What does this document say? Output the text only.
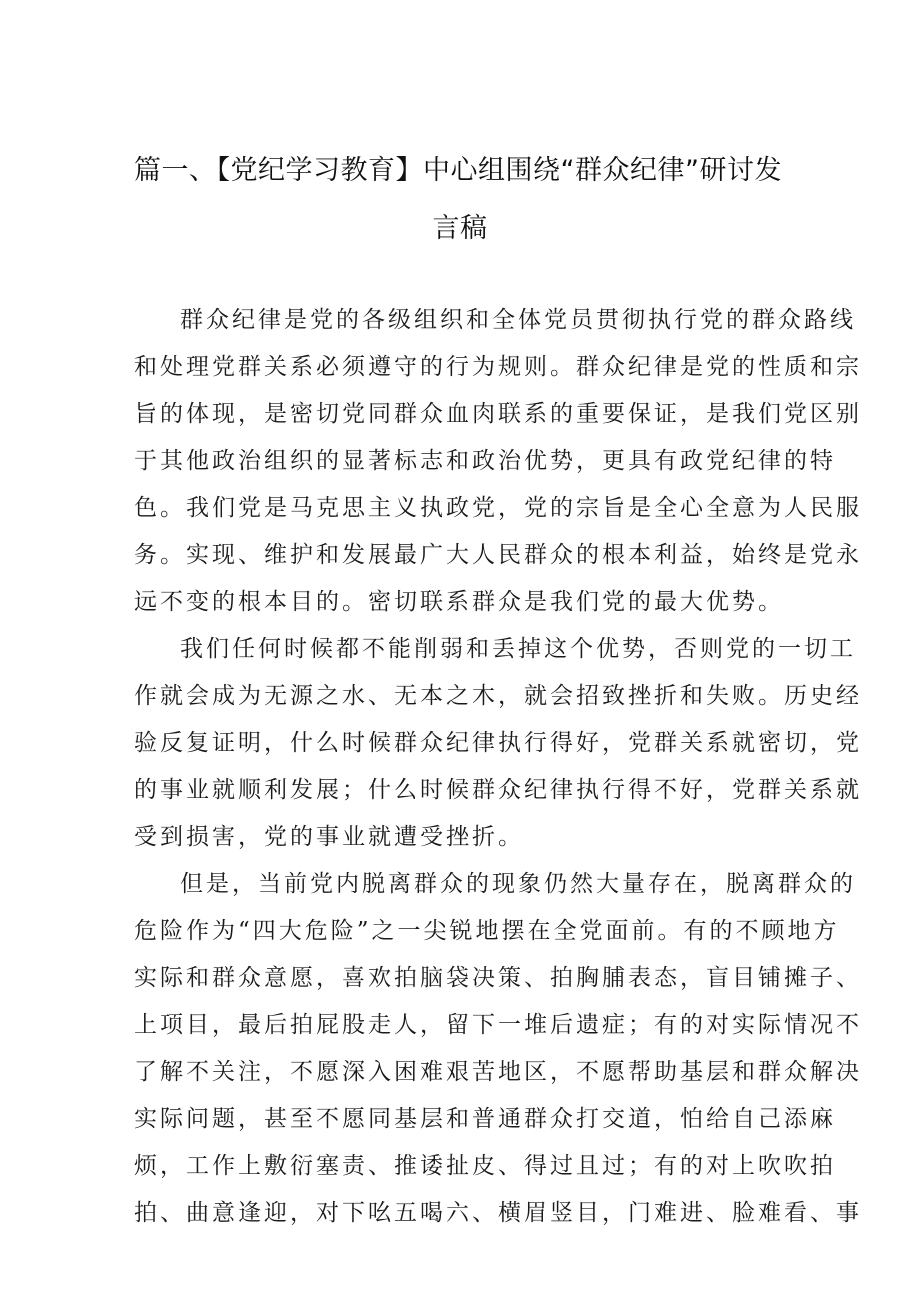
篇一、【党纪学习教育】中心组围绕“群众纪律”研讨发
言稿
群众纪律是党的各级组织和全体党员贯彻执行党的群众路线
和处理党群关系必须遵守的行为规则。群众纪律是党的性质和宗
旨的体现，是密切党同群众血肉联系的重要保证，是我们党区别
于其他政治组织的显著标志和政治优势，更具有政党纪律的特
色。我们党是马克思主义执政党，党的宗旨是全心全意为人民服
务。实现、维护和发展最广大人民群众的根本利益，始终是党永
远不变的根本目的。密切联系群众是我们党的最大优势。
我们任何时候都不能削弱和丢掉这个优势，否则党的一切工
作就会成为无源之水、无本之木，就会招致挫折和失败。历史经
验反复证明，什么时候群众纪律执行得好，党群关系就密切，党
的事业就顺利发展；什么时候群众纪律执行得不好，党群关系就
受到损害，党的事业就遭受挫折。
但是，当前党内脱离群众的现象仍然大量存在，脱离群众的
危险作为“四大危险”之一尖锐地摆在全党面前。有的不顾地方
实际和群众意愿，喜欢拍脑袋决策、拍胸脯表态，盲目铺摊子、
上项目，最后拍屁股走人，留下一堆后遗症；有的对实际情况不
了解不关注，不愿深入困难艰苦地区，不愿帮助基层和群众解决
实际问题，甚至不愿同基层和普通群众打交道，怕给自己添麻
烦，工作上敷衍塞责、推诿扯皮、得过且过；有的对上吹吹拍
拍、曲意逢迎，对下吆五喝六、横眉竖目，门难进、脸难看、事
